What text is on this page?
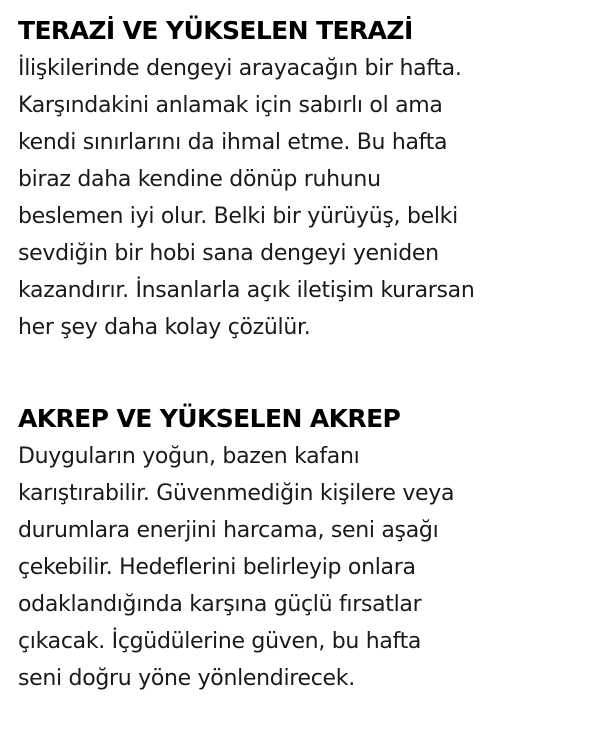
TERAZİ VE YÜKSELEN TERAZİ

İlişkilerinde dengeyi arayacağın bir hafta.
Karşındakini anlamak için sabırlı ol ama
kendi sınırlarını da ihmal etme. Bu hafta
biraz daha kendine dönüp ruhunu
beslemen iyi olur. Belki bir yürüyüş, belki
sevdiğin bir hobi sana dengeyi yeniden
kazandırır. İnsanlarla açık iletişim kurarsan
her şey daha kolay çözülür.

AKREP VE YÜKSELEN AKREP

Duyguların yoğun, bazen kafanı
karıştırabilir. Güvenmediğin kişilere veya
durumlara enerjini harcama, seni aşağı
çekebilir. Hedeflerini belirleyip onlara
odaklandığında karşına güçlü fırsatlar
çıkacak. İçgüdülerine güven, bu hafta
seni doğru yöne yönlendirecek.
